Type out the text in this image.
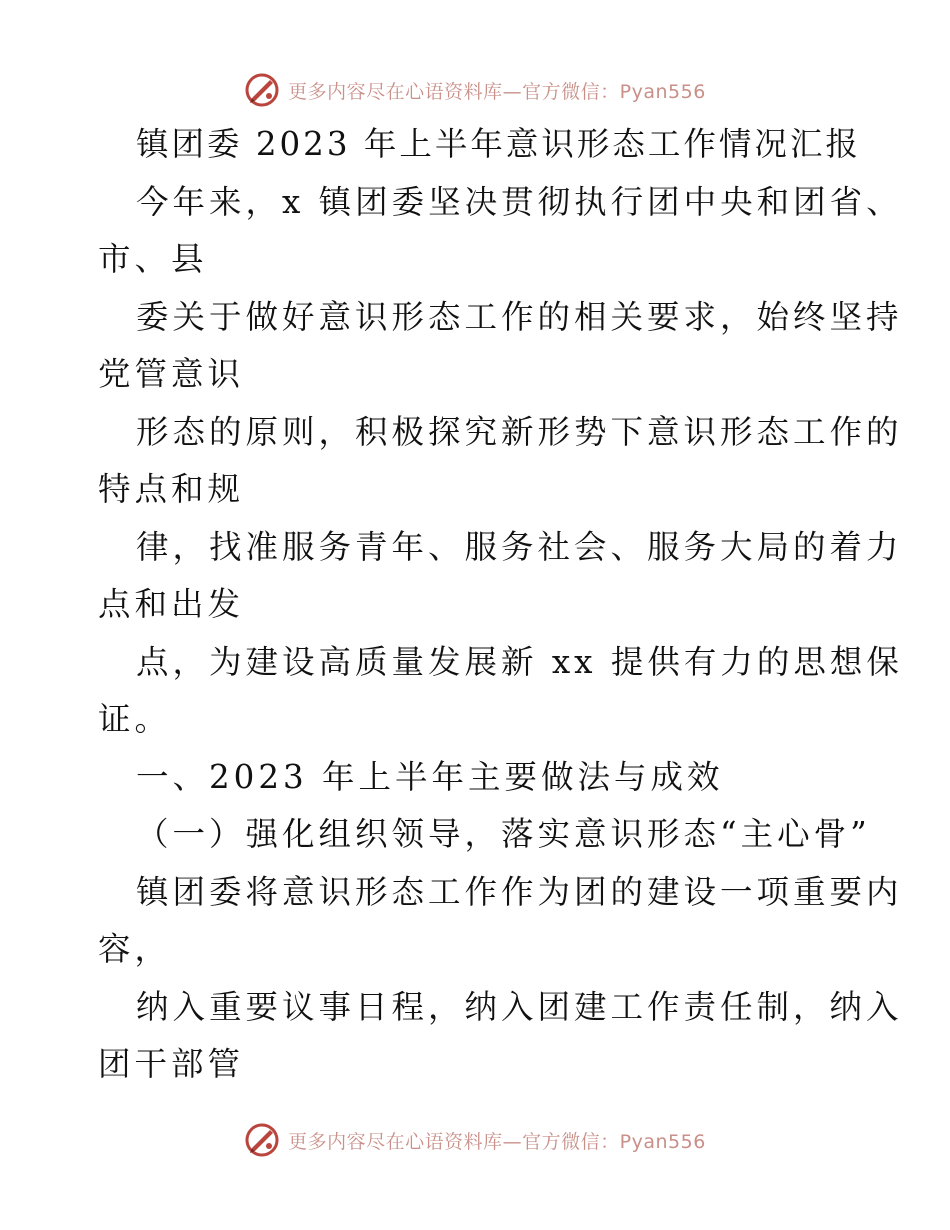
更多内容尽在心语资料库—官方微信：Pyan556
镇团委 2023 年上半年意识形态工作情况汇报
今年来，x 镇团委坚决贯彻执行团中央和团省、
市、县
委关于做好意识形态工作的相关要求，始终坚持
党管意识
形态的原则，积极探究新形势下意识形态工作的
特点和规
律，找准服务青年、服务社会、服务大局的着力
点和出发
点，为建设高质量发展新 xx 提供有力的思想保
证。
一、2023 年上半年主要做法与成效
（一）强化组织领导，落实意识形态“主心骨”
镇团委将意识形态工作作为团的建设一项重要内
容，
纳入重要议事日程，纳入团建工作责任制，纳入
团干部管
更多内容尽在心语资料库—官方微信：Pyan556
